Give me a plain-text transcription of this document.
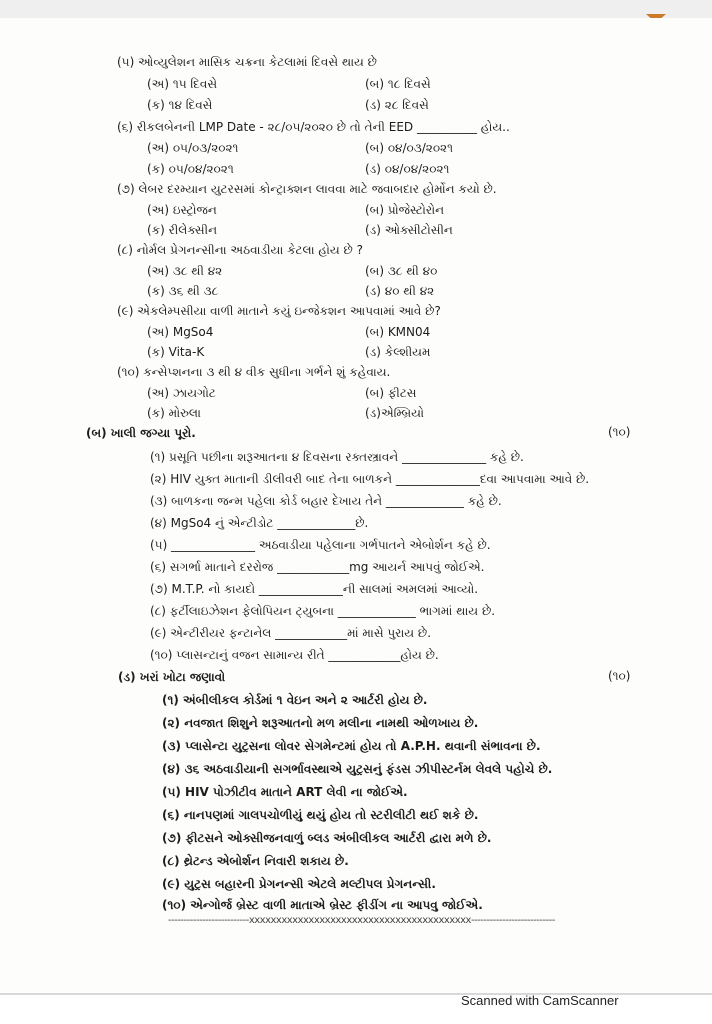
(૫) ઓવ્યુલેશન માસિક ચક્રના કેટલામાં દિવસે થાય છે
(અ) ૧૫ દિવસે	(બ) ૧૮ દિવસે
(ક) ૧૪ દિવસે	(ડ) ૨૮ દિવસે
(૬) રીકલબેનની LMP Date - ૨૮/૦૫/૨૦૨૦ છે તો તેની EED __________ હોય..
(અ) ૦૫/૦૩/૨૦૨૧	(બ) ૦૪/૦૩/૨૦૨૧
(ક) ૦૫/૦૪/૨૦૨૧	(ડ) ૦૪/૦૪/૨૦૨૧
(૭) લેબર દરમ્યાન યુટરસમાં કોન્ટ્રાક્શન લાવવા માટે જવાબદાર હોર્મોન કયો છે.
(અ) ઇસ્ટ્રોજન	(બ) પ્રોજેસ્ટોરોન
(ક) રીલેક્સીન	(ડ) ઓક્સીટોસીન
(૮) નોર્મલ પ્રેગનન્સીના અઠવાડીયા કેટલા હોય છે ?
(અ) ૩૮ થી ૪૨	(બ) ૩૮ થી ૪૦
(ક) ૩૬ થી ૩૮	(ડ) ૪૦ થી ૪૨
(૯) એકલેમ્પસીયા વાળી માતાને કયું ઇન્જેકશન આપવામાં આવે છે?
(અ) MgSo4	(બ) KMN04
(ક) Vita-K	(ડ) કેલ્શીયમ
(૧૦) કન્સેપ્શનના ૩ થી ૪ વીક સુધીના ગર્ભને શું કહેવાય.
(અ) ઝાયગોટ	(બ) ફીટસ
(ક) મોરુલા	(ડ)એમ્બ્રિયો
(બ) ખાલી જગ્યા પૂરો.	(૧૦)
(૧) પ્રસૂતિ પછીના શરૂઆતના ૪ દિવસના રક્તસ્ત્રાવને ______________ કહે છે.
(૨) HIV યુક્ત માતાની ડીલીવરી બાદ તેના બાળકને ______________દવા આપવામા આવે છે.
(૩) બાળકના જન્મ પહેલા કોર્ડ બહાર દેખાય તેને _____________ કહે છે.
(૪) MgSo4 નું એન્ટીડોટ _____________છે.
(૫) ______________ અઠવાડીયા પહેલાના ગર્ભપાતને એબોર્શન કહે છે.
(૬) સગર્ભા માતાને દરરોજ ____________mg આયર્ન આપવું જોઈએ.
(૭) M.T.P. નો કાયદો ______________ની સાલમાં અમલમાં આવ્યો.
(૮) ફર્ટીલાઇઝેશન ફેલોપિયન ટ્યુબના _____________ ભાગમાં થાય છે.
(૯) એન્ટીરીયર ફન્ટાનેલ ____________માં માસે પુરાય છે.
(૧૦) પ્લાસન્ટાનું વજન સામાન્ય રીતે ____________હોય છે.
(ડ) ખરાં ખોટા જણાવો	(૧૦)
(૧) અંબીલીકલ કોર્ડમાં ૧ વેઇન અને ૨ આર્ટરી હોય છે.
(૨) નવજાત શિશુને શરૂઆતનો મળ મલીના નામથી ઓળખાય છે.
(૩) પ્લાસેન્ટા યુટ્રસના લોવર સેગમેન્ટમાં હોય તો A.P.H. થવાની સંભાવના છે.
(૪) ૩૬ અઠવાડીયાની સગર્ભાવસ્થાએ યુટ્રસનું ફંડસ ઝીપીસ્ટર્નમ લેવલે પહોચે છે.
(૫) HIV પોઝીટીવ માતાને ART લેવી ના જોઈએ.
(૬) નાનપણમાં ગાલપચોળીયું થયું હોય તો સ્ટરીલીટી થઈ શકે છે.
(૭) ફીટસને ઓક્સીજનવાળું બ્લડ અંબીલીકલ આર્ટરી દ્વારા મળે છે.
(૮) થ્રેટન્ડ એબોર્શન નિવારી શકાય છે.
(૯) યુટ્રસ બહારની પ્રેગનન્સી એટલે મલ્ટીપલ પ્રેગનન્સી.
(૧૦) એન્ગોર્જ બ્રેસ્ટ વાળી માતાએ બ્રેસ્ટ ફીડીંગ ના આપવુ જોઈએ.
--------------------------xxxxxxxxxxxxxxxxxxxxxxxxxxxxxxxxxxxxxxxxx---------------------------
Scanned with CamScanner
